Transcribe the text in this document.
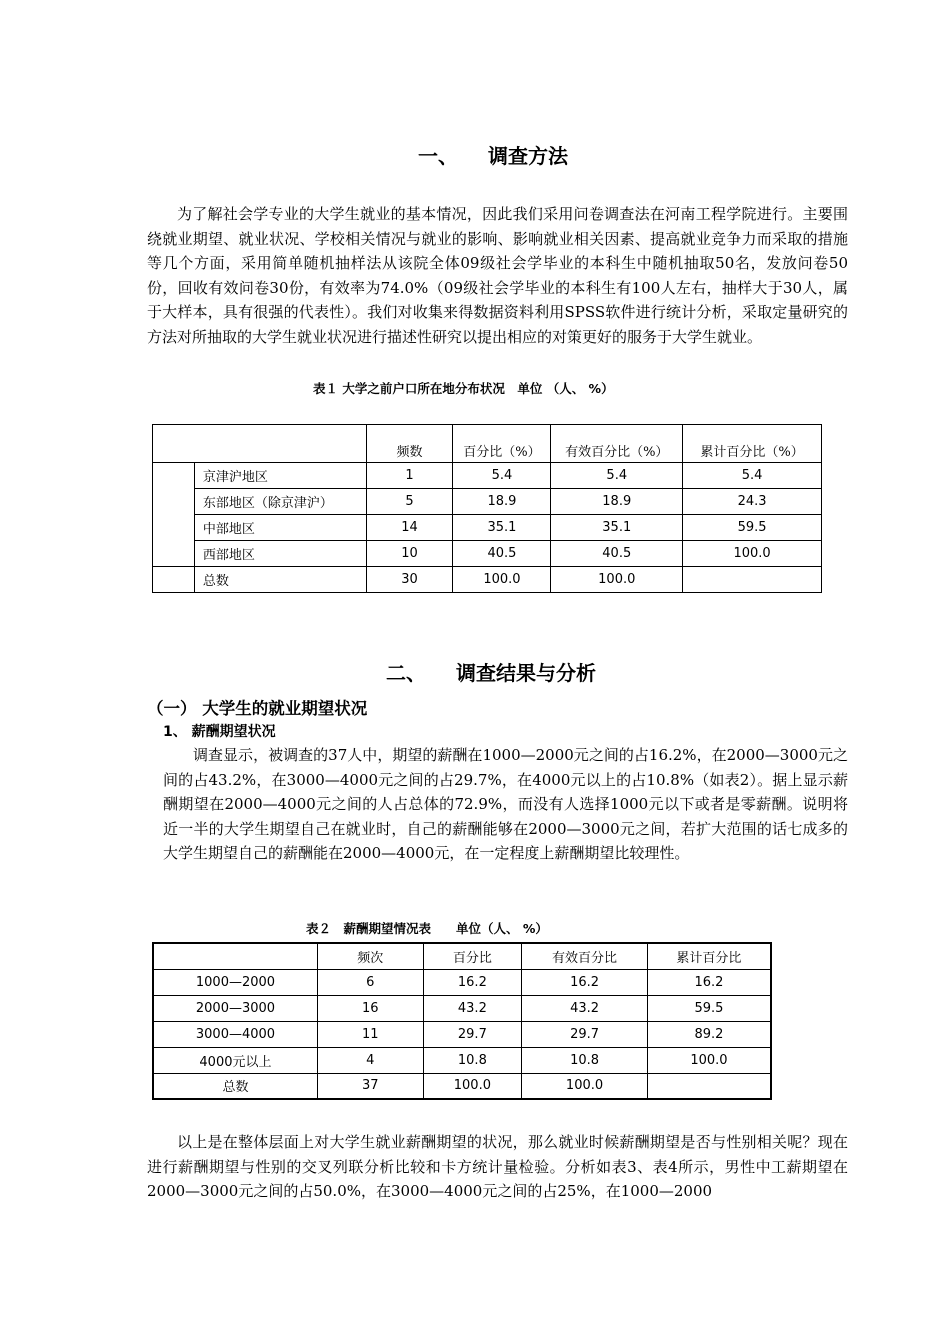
一、 调查方法

为了解社会学专业的大学生就业的基本情况，因此我们采用问卷调查法在河南工程学院进行。主要围绕就业期望、就业状况、学校相关情况与就业的影响、影响就业相关因素、提高就业竞争力而采取的措施等几个方面，采用简单随机抽样法从该院全体09级社会学毕业的本科生中随机抽取50名，发放问卷50份，回收有效问卷30份，有效率为74.0%（09级社会学毕业的本科生有100人左右，抽样大于30人，属于大样本，具有很强的代表性）。我们对收集来得数据资料利用SPSS软件进行统计分析，采取定量研究的方法对所抽取的大学生就业状况进行描述性研究以提出相应的对策更好的服务于大学生就业。

表１ 大学之前户口所在地分布状况　单位 （人、 %）
		频数	百分比（%）	有效百分比（%）	累计百分比（%）
	京津沪地区	1	5.4	5.4	5.4
	东部地区（除京津沪）	5	18.9	18.9	24.3
	中部地区	14	35.1	35.1	59.5
	西部地区	10	40.5	40.5	100.0
	总数	30	100.0	100.0	
二、 调查结果与分析
（一） 大学生的就业期望状况
1、 薪酬期望状况

调查显示，被调查的37人中，期望的薪酬在1000—2000元之间的占16.2%，在2000—3000元之间的占43.2%，在3000—4000元之间的占29.7%，在4000元以上的占10.8%（如表2）。据上显示薪酬期望在2000—4000元之间的人占总体的72.9%，而没有人选择1000元以下或者是零薪酬。说明将近一半的大学生期望自己在就业时，自己的薪酬能够在2000—3000元之间，若扩大范围的话七成多的大学生期望自己的薪酬能在2000—4000元，在一定程度上薪酬期望比较理性。

表２　薪酬期望情况表　　单位（人、 %）
	频次	百分比	有效百分比	累计百分比
1000—2000	6	16.2	16.2	16.2
2000—3000	16	43.2	43.2	59.5
3000—4000	11	29.7	29.7	89.2
4000元以上	4	10.8	10.8	100.0
总数	37	100.0	100.0	

以上是在整体层面上对大学生就业薪酬期望的状况，那么就业时候薪酬期望是否与性别相关呢？现在进行薪酬期望与性别的交叉列联分析比较和卡方统计量检验。分析如表3、表4所示，男性中工薪期望在2000—3000元之间的占50.0%，在3000—4000元之间的占25%，在1000—2000
